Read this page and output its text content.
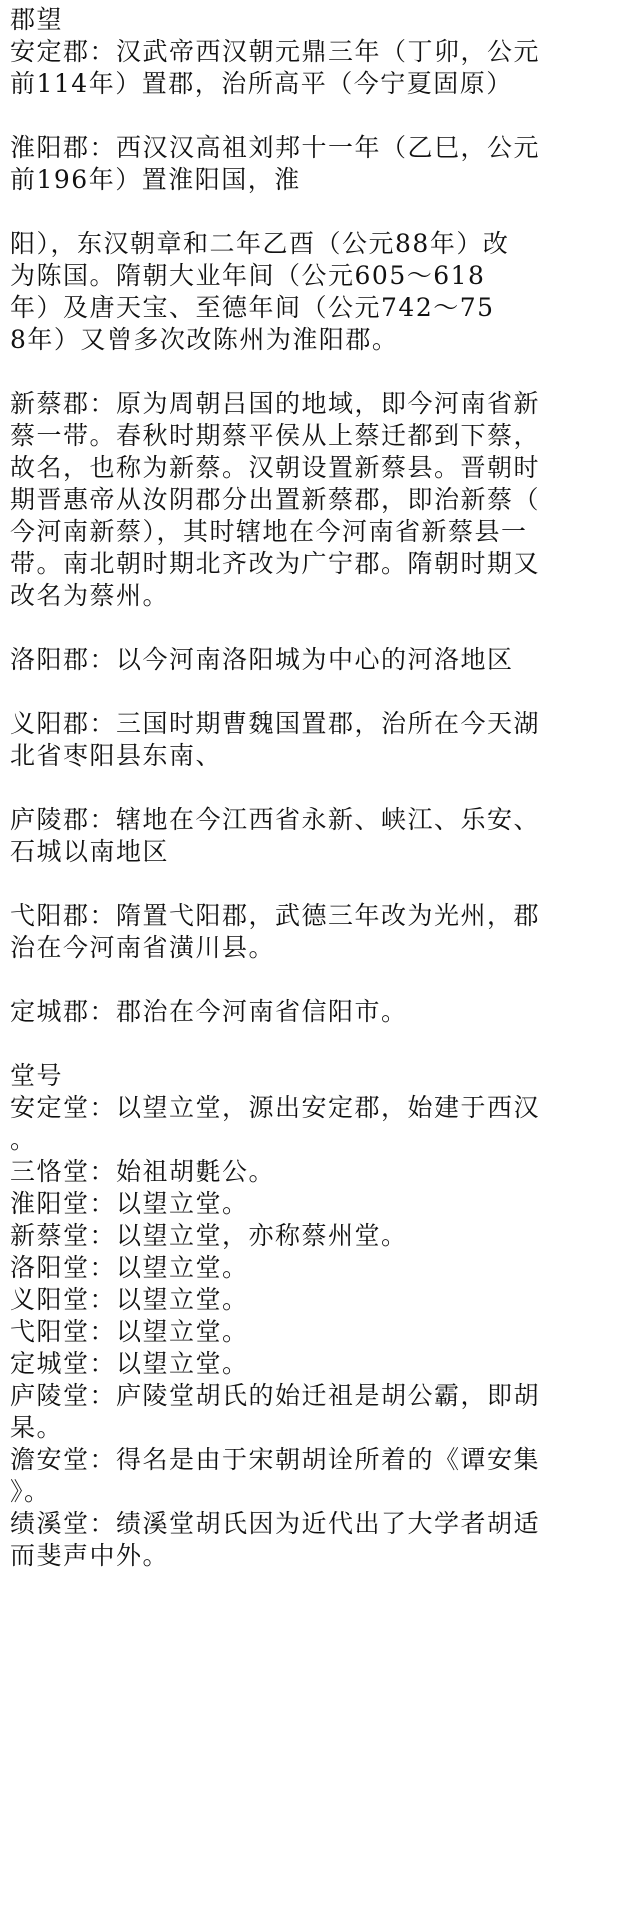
郡望
安定郡：汉武帝西汉朝元鼎三年（丁卯，公元
前114年）置郡，治所高平（今宁夏固原）
淮阳郡：西汉汉高祖刘邦十一年（乙巳，公元
前196年）置淮阳国，淮
阳），东汉朝章和二年乙酉（公元88年）改
为陈国。隋朝大业年间（公元605～618
年）及唐天宝、至德年间（公元742～75
8年）又曾多次改陈州为淮阳郡。
新蔡郡：原为周朝吕国的地域，即今河南省新
蔡一带。春秋时期蔡平侯从上蔡迁都到下蔡，
故名，也称为新蔡。汉朝设置新蔡县。晋朝时
期晋惠帝从汝阴郡分出置新蔡郡，即治新蔡（
今河南新蔡），其时辖地在今河南省新蔡县一
带。南北朝时期北齐改为广宁郡。隋朝时期又
改名为蔡州。
洛阳郡：以今河南洛阳城为中心的河洛地区
义阳郡：三国时期曹魏国置郡，治所在今天湖
北省枣阳县东南、
庐陵郡：辖地在今江西省永新、峡江、乐安、
石城以南地区
弋阳郡：隋置弋阳郡，武德三年改为光州，郡
治在今河南省潢川县。
定城郡：郡治在今河南省信阳市。
堂号
安定堂：以望立堂，源出安定郡，始建于西汉
。
三恪堂：始祖胡氀公。
淮阳堂：以望立堂。
新蔡堂：以望立堂，亦称蔡州堂。
洛阳堂：以望立堂。
义阳堂：以望立堂。
弋阳堂：以望立堂。
定城堂：以望立堂。
庐陵堂：庐陵堂胡氏的始迁祖是胡公霸，即胡
杲。
澹安堂：得名是由于宋朝胡诠所着的《谭安集
》。
绩溪堂：绩溪堂胡氏因为近代出了大学者胡适
而斐声中外。
